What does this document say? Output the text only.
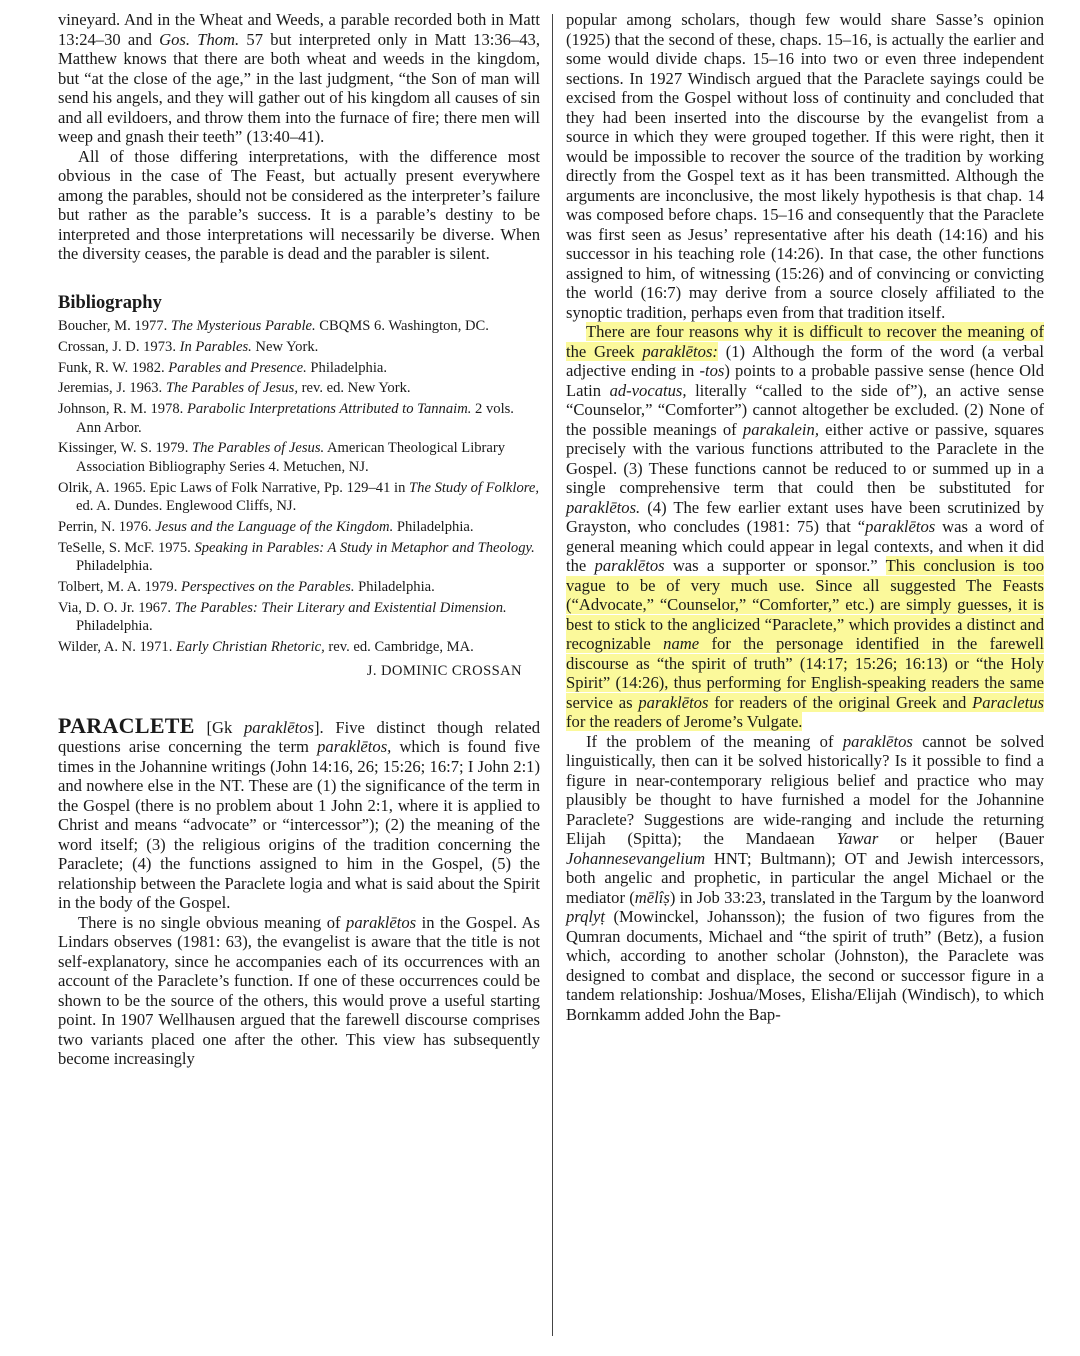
vineyard. And in the Wheat and Weeds, a parable recorded both in Matt 13:24–30 and Gos. Thom. 57 but interpreted only in Matt 13:36–43, Matthew knows that there are both wheat and weeds in the kingdom, but “at the close of the age,” in the last judgment, “the Son of man will send his angels, and they will gather out of his kingdom all causes of sin and all evildoers, and throw them into the furnace of fire; there men will weep and gnash their teeth” (13:40–41).

All of those differing interpretations, with the difference most obvious in the case of The Feast, but actually present everywhere among the parables, should not be considered as the interpreter’s failure but rather as the parable’s success. It is a parable’s destiny to be interpreted and those interpretations will necessarily be diverse. When the diversity ceases, the parable is dead and the parabler is silent.

Bibliography
Boucher, M. 1977. The Mysterious Parable. CBQMS 6. Washington, DC.
Crossan, J. D. 1973. In Parables. New York.
Funk, R. W. 1982. Parables and Presence. Philadelphia.
Jeremias, J. 1963. The Parables of Jesus, rev. ed. New York.
Johnson, R. M. 1978. Parabolic Interpretations Attributed to Tannaim. 2 vols. Ann Arbor.
Kissinger, W. S. 1979. The Parables of Jesus. American Theological Library Association Bibliography Series 4. Metuchen, NJ.
Olrik, A. 1965. Epic Laws of Folk Narrative, Pp. 129–41 in The Study of Folklore, ed. A. Dundes. Englewood Cliffs, NJ.
Perrin, N. 1976. Jesus and the Language of the Kingdom. Philadelphia.
TeSelle, S. McF. 1975. Speaking in Parables: A Study in Metaphor and Theology. Philadelphia.
Tolbert, M. A. 1979. Perspectives on the Parables. Philadelphia.
Via, D. O. Jr. 1967. The Parables: Their Literary and Existential Dimension. Philadelphia.
Wilder, A. N. 1971. Early Christian Rhetoric, rev. ed. Cambridge, MA.
J. DOMINIC CROSSAN

PARACLETE [Gk paraklētos]. Five distinct though related questions arise concerning the term paraklētos, which is found five times in the Johannine writings (John 14:16, 26; 15:26; 16:7; I John 2:1) and nowhere else in the NT. These are (1) the significance of the term in the Gospel (there is no problem about 1 John 2:1, where it is applied to Christ and means “advocate” or “intercessor”); (2) the meaning of the word itself; (3) the religious origins of the tradition concerning the Paraclete; (4) the functions assigned to him in the Gospel, (5) the relationship between the Paraclete logia and what is said about the Spirit in the body of the Gospel.

There is no single obvious meaning of paraklētos in the Gospel. As Lindars observes (1981: 63), the evangelist is aware that the title is not self-explanatory, since he accompanies each of its occurrences with an account of the Paraclete’s function. If one of these occurrences could be shown to be the source of the others, this would prove a useful starting point. In 1907 Wellhausen argued that the farewell discourse comprises two variants placed one after the other. This view has subsequently become increasingly

popular among scholars, though few would share Sasse’s opinion (1925) that the second of these, chaps. 15–16, is actually the earlier and some would divide chaps. 15–16 into two or even three independent sections. In 1927 Windisch argued that the Paraclete sayings could be excised from the Gospel without loss of continuity and concluded that they had been inserted into the discourse by the evangelist from a source in which they were grouped together. If this were right, then it would be impossible to recover the source of the tradition by working directly from the Gospel text as it has been transmitted. Although the arguments are inconclusive, the most likely hypothesis is that chap. 14 was composed before chaps. 15–16 and consequently that the Paraclete was first seen as Jesus’ representative after his death (14:16) and his successor in his teaching role (14:26). In that case, the other functions assigned to him, of witnessing (15:26) and of convincing or convicting the world (16:7) may derive from a source closely affiliated to the synoptic tradition, perhaps even from that tradition itself.

There are four reasons why it is difficult to recover the meaning of the Greek paraklētos: (1) Although the form of the word (a verbal adjective ending in -tos) points to a probable passive sense (hence Old Latin ad-vocatus, literally “called to the side of”), an active sense “Counselor,” “Comforter”) cannot altogether be excluded. (2) None of the possible meanings of parakalein, either active or passive, squares precisely with the various functions attributed to the Paraclete in the Gospel. (3) These functions cannot be reduced to or summed up in a single comprehensive term that could then be substituted for paraklētos. (4) The few earlier extant uses have been scrutinized by Grayston, who concludes (1981: 75) that “paraklētos was a word of general meaning which could appear in legal contexts, and when it did the paraklētos was a supporter or sponsor.” This conclusion is too vague to be of very much use. Since all suggested The Feasts (“Advocate,” “Counselor,” “Comforter,” etc.) are simply guesses, it is best to stick to the anglicized “Paraclete,” which provides a distinct and recognizable name for the personage identified in the farewell discourse as “the spirit of truth” (14:17; 15:26; 16:13) or “the Holy Spirit” (14:26), thus performing for English-speaking readers the same service as paraklētos for readers of the original Greek and Paracletus for the readers of Jerome’s Vulgate.

If the problem of the meaning of paraklētos cannot be solved linguistically, then can it be solved historically? Is it possible to find a figure in near-contemporary religious belief and practice who may plausibly be thought to have furnished a model for the Johannine Paraclete? Suggestions are wide-ranging and include the returning Elijah (Spitta); the Mandaean Yawar or helper (Bauer Johannesevangelium HNT; Bultmann); OT and Jewish intercessors, both angelic and prophetic, in particular the angel Michael or the mediator (mēlîṣ) in Job 33:23, translated in the Targum by the loanword prqlyṭ (Mowinckel, Johansson); the fusion of two figures from the Qumran documents, Michael and “the spirit of truth” (Betz), a fusion which, according to another scholar (Johnston), the Paraclete was designed to combat and displace, the second or successor figure in a tandem relationship: Joshua/Moses, Elisha/Elijah (Windisch), to which Bornkamm added John the Bap-
